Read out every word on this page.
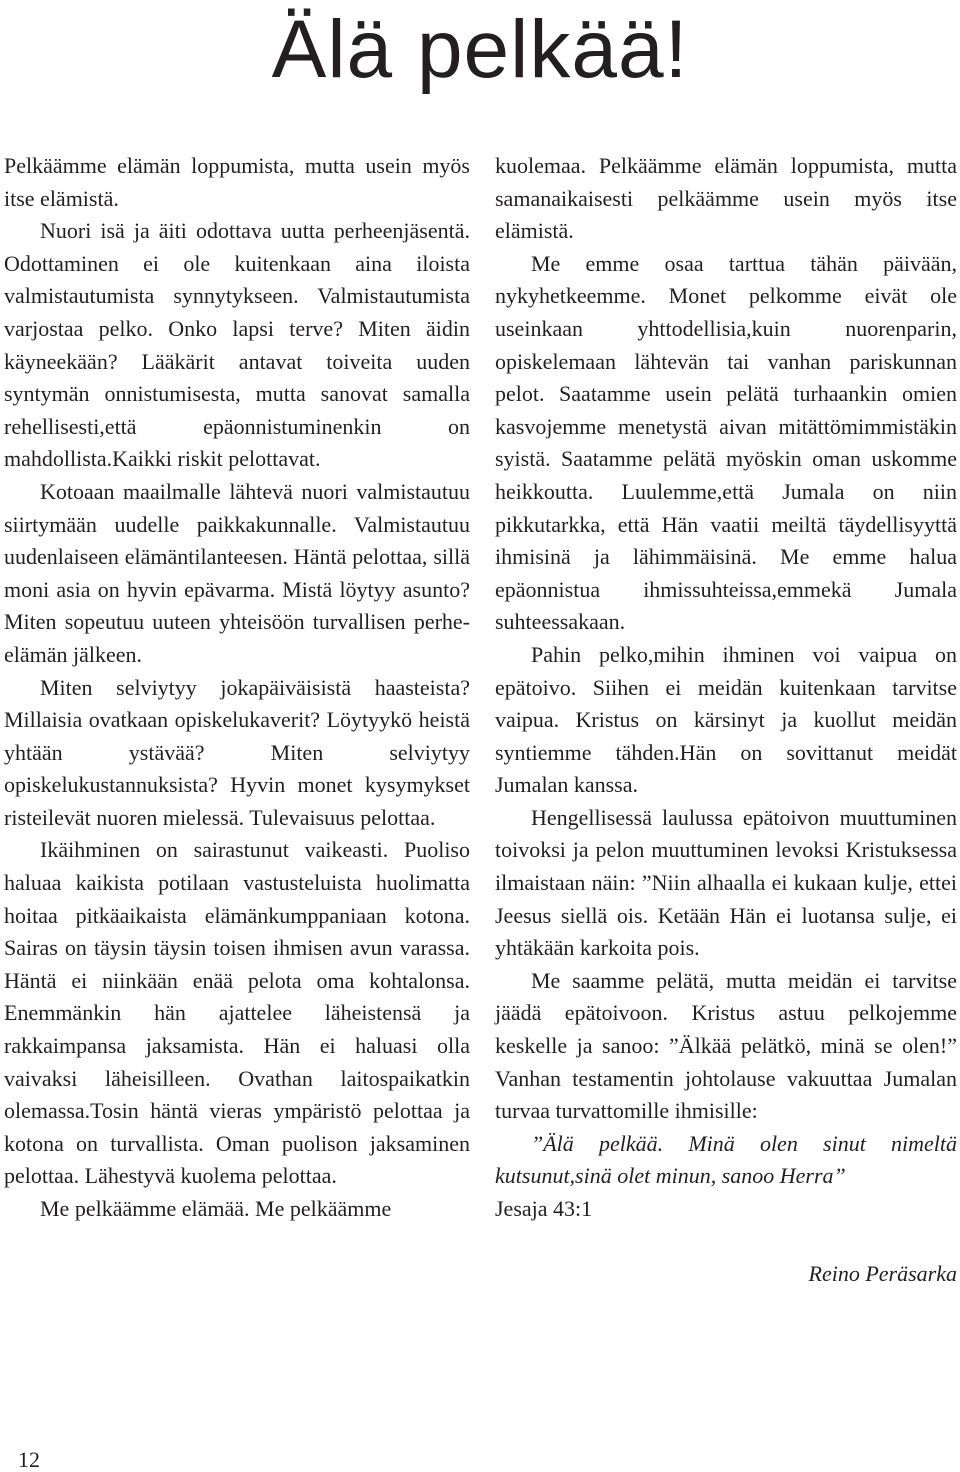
Älä pelkää!

Pelkäämme elämän loppumista, mutta usein myös itse elämistä.

Nuori isä ja äiti odottava uutta perheenjäsentä. Odottaminen ei ole kuitenkaan aina iloista valmistautumista synnytykseen. Valmistautumista varjostaa pelko. Onko lapsi terve? Miten äidin käyneekään? Lääkärit antavat toiveita uuden syntymän onnistumisesta, mutta sanovat samalla rehellisesti,että epäonnistuminenkin on mahdollista.Kaikki riskit pelottavat.

Kotoaan maailmalle lähtevä nuori valmistautuu siirtymään uudelle paikkakunnalle. Valmistautuu uudenlaiseen elämäntilanteesen. Häntä pelottaa, sillä moni asia on hyvin epävarma. Mistä löytyy asunto? Miten sopeutuu uuteen yhteisöön turvallisen perhe-elämän jälkeen.

Miten selviytyy jokapäiväisistä haasteista? Millaisia ovatkaan opiskelukaverit? Löytyykö heistä yhtään ystävää? Miten selviytyy opiskelukustannuksista? Hyvin monet kysymykset risteilevät nuoren mielessä. Tulevaisuus pelottaa.

Ikäihminen on sairastunut vaikeasti. Puoliso haluaa kaikista potilaan vastusteluista huolimatta hoitaa pitkäaikaista elämänkumppaniaan kotona. Sairas on täysin täysin toisen ihmisen avun varassa. Häntä ei niinkään enää pelota oma kohtalonsa. Enemmänkin hän ajattelee läheistensä ja rakkaimpansa jaksamista. Hän ei haluasi olla vaivaksi läheisilleen. Ovathan laitospaikatkin olemassa.Tosin häntä vieras ympäristö pelottaa ja kotona on turvallista. Oman puolison jaksaminen pelottaa. Lähestyvä kuolema pelottaa.

Me pelkäämme elämää. Me pelkäämme

kuolemaa. Pelkäämme elämän loppumista, mutta samanaikaisesti pelkäämme usein myös itse elämistä.

Me emme osaa tarttua tähän päivään, nykyhetkeemme. Monet pelkomme eivät ole useinkaan yhttodellisia,kuin nuorenparin, opiskelemaan lähtevän tai vanhan pariskunnan pelot. Saatamme usein pelätä turhaankin omien kasvojemme menetystä aivan mitättömimmistäkin syistä. Saatamme pelätä myöskin oman uskomme heikkoutta. Luulemme,että Jumala on niin pikkutarkka, että Hän vaatii meiltä täydellisyyttä ihmisinä ja lähimmäisinä. Me emme halua epäonnistua ihmissuhteissa,emmekä Jumala suhteessakaan.

Pahin pelko,mihin ihminen voi vaipua on epätoivo. Siihen ei meidän kuitenkaan tarvitse vaipua. Kristus on kärsinyt ja kuollut meidän syntiemme tähden.Hän on sovittanut meidät Jumalan kanssa.

Hengellisessä laulussa epätoivon muuttuminen toivoksi ja pelon muuttuminen levoksi Kristuksessa ilmaistaan näin: ”Niin alhaalla ei kukaan kulje, ettei Jeesus siellä ois. Ketään Hän ei luotansa sulje, ei yhtäkään karkoita pois.

Me saamme pelätä, mutta meidän ei tarvitse jäädä epätoivoon. Kristus astuu pelkojemme keskelle ja sanoo: ”Älkää pelätkö, minä se olen!” Vanhan testamentin johtolause vakuuttaa Jumalan turvaa turvattomille ihmisille:

”Älä pelkää. Minä olen sinut nimeltä kutsunut,sinä olet minun, sanoo Herra”

Jesaja 43:1

Reino Peräsarka

12
